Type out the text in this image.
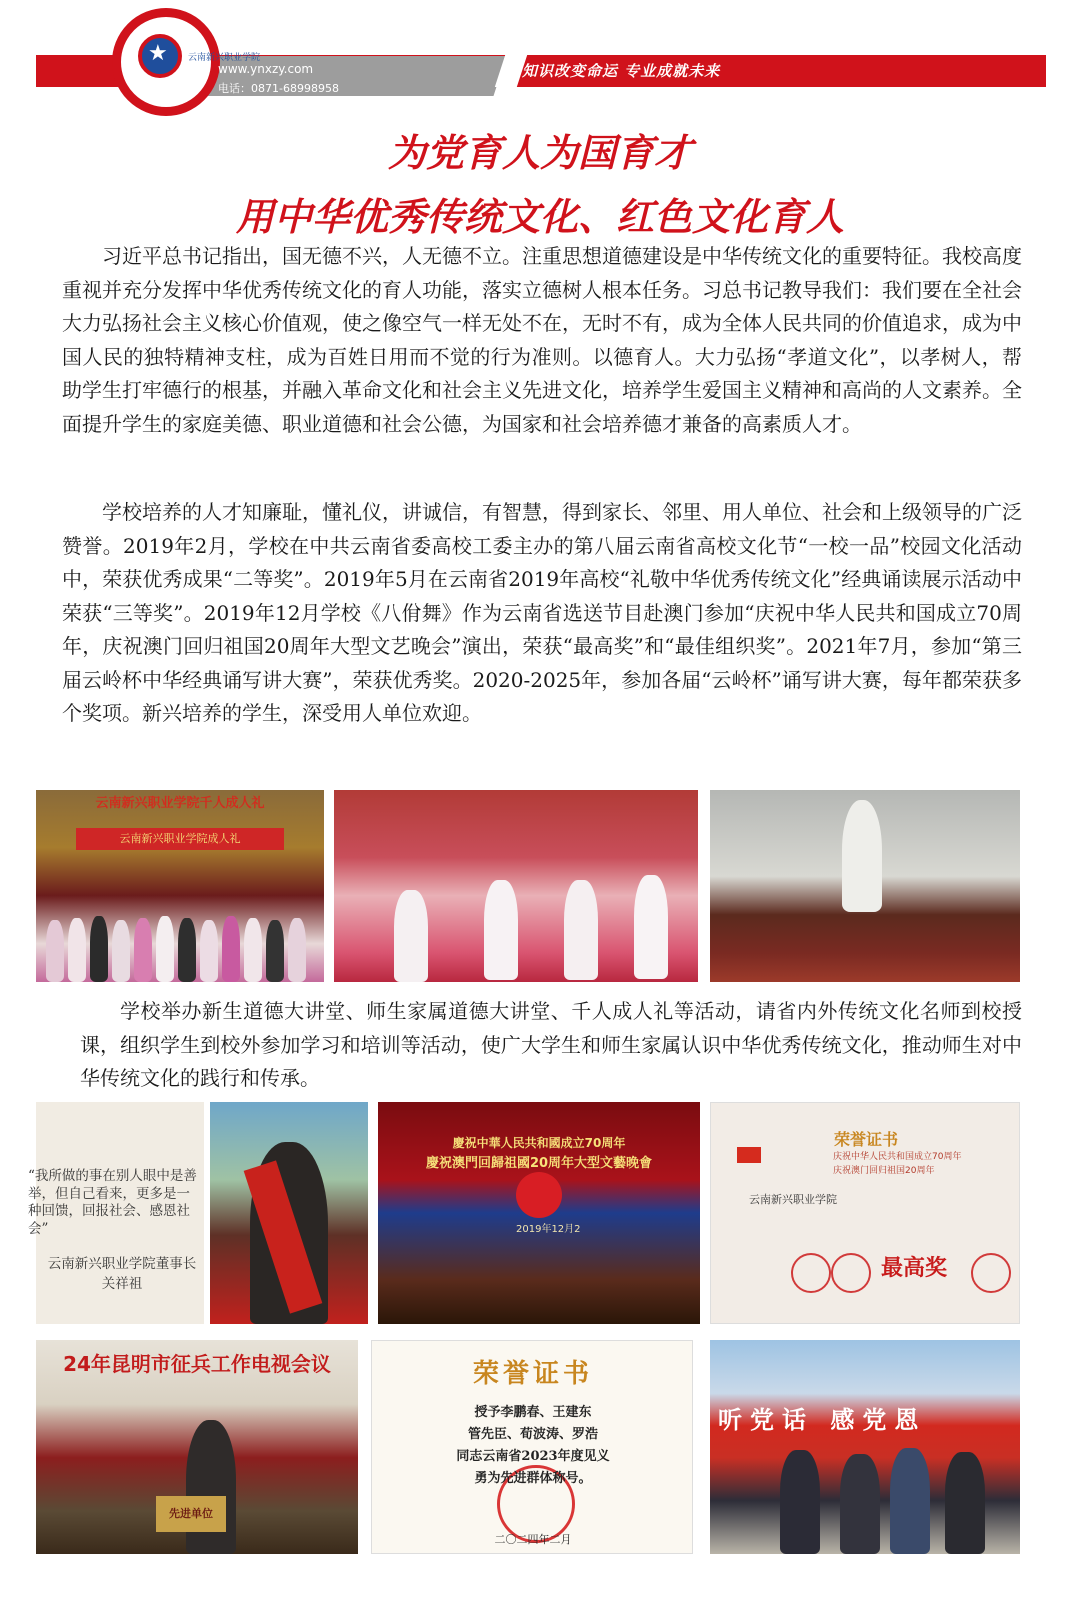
★ 云南新兴职业学院
www.ynxzy.com
电话：0871-68998958
知识改变命运 专业成就未来
为党育人为国育才
用中华优秀传统文化、红色文化育人

习近平总书记指出，国无德不兴，人无德不立。注重思想道德建设是中华传统文化的重要特征。我校高度重视并充分发挥中华优秀传统文化的育人功能，落实立德树人根本任务。习总书记教导我们：我们要在全社会大力弘扬社会主义核心价值观，使之像空气一样无处不在，无时不有，成为全体人民共同的价值追求，成为中国人民的独特精神支柱，成为百姓日用而不觉的行为准则。以德育人。大力弘扬“孝道文化”，以孝树人，帮助学生打牢德行的根基，并融入革命文化和社会主义先进文化，培养学生爱国主义精神和高尚的人文素养。全面提升学生的家庭美德、职业道德和社会公德，为国家和社会培养德才兼备的高素质人才。

学校培养的人才知廉耻，懂礼仪，讲诚信，有智慧，得到家长、邻里、用人单位、社会和上级领导的广泛赞誉。2019年2月，学校在中共云南省委高校工委主办的第八届云南省高校文化节“一校一品”校园文化活动中，荣获优秀成果“二等奖”。2019年5月在云南省2019年高校“礼敬中华优秀传统文化”经典诵读展示活动中荣获“三等奖”。2019年12月学校《八佾舞》作为云南省选送节目赴澳门参加“庆祝中华人民共和国成立70周年，庆祝澳门回归祖国20周年大型文艺晚会”演出，荣获“最高奖”和“最佳组织奖”。2021年7月，参加“第三届云岭杯中华经典诵写讲大赛”，荣获优秀奖。2020-2025年，参加各届“云岭杯”诵写讲大赛，每年都荣获多个奖项。新兴培养的学生，深受用人单位欢迎。

云南新兴职业学院千人成人礼
云南新兴职业学院成人礼

学校举办新生道德大讲堂、师生家属道德大讲堂、千人成人礼等活动，请省内外传统文化名师到校授课，组织学生到校外参加学习和培训等活动，使广大学生和师生家属认识中华优秀传统文化，推动师生对中华传统文化的践行和传承。

“我所做的事在别人眼中是善举，但自己看来，更多是一种回馈，回报社会、感恩社会”

云南新兴职业学院董事长
关祥祖

慶祝中華人民共和國成立70周年
慶祝澳門回歸祖國20周年大型文藝晚會
2019年12月2
荣誉证书
庆祝中华人民共和国成立70周年
庆祝澳门回归祖国20周年
云南新兴职业学院
最高奖
24年昆明市征兵工作电视会议
先进单位
荣誉证书
授予李鹏春、王建东
管先臣、荀波涛、罗浩
同志云南省2023年度见义
勇为先进群体称号。
二〇二四年二月
听党话 感党恩
